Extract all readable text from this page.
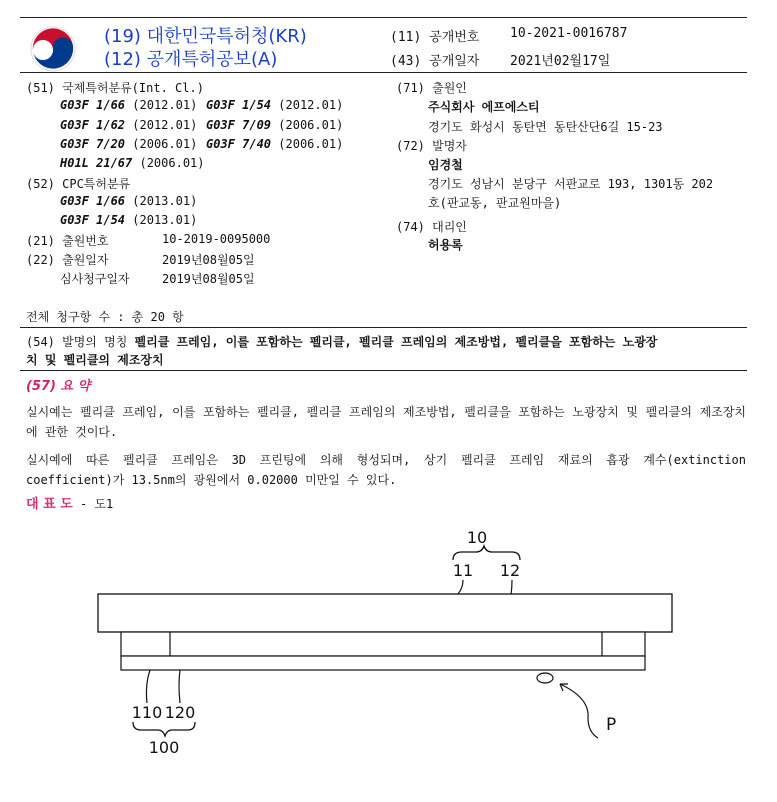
(19) 대한민국특허청(KR)
(12) 공개특허공보(A)
(11) 공개번호 10-2021-0016787
(43) 공개일자 2021년02월17일
(51) 국제특허분류(Int. Cl.)
G03F 1/66 (2012.01) G03F 1/54 (2012.01)
G03F 1/62 (2012.01) G03F 7/09 (2006.01)
G03F 7/20 (2006.01) G03F 7/40 (2006.01)
H01L 21/67 (2006.01)
(52) CPC특허분류
G03F 1/66 (2013.01)
G03F 1/54 (2013.01)
(21) 출원번호	10-2019-0095000
(22) 출원일자	2019년08월05일
심사청구일자	2019년08월05일
전체 청구항 수 : 총 20 항
(71) 출원인
주식회사 에프에스티
경기도 화성시 동탄면 동탄산단6길 15-23
(72) 발명자
임경철
경기도 성남시 분당구 서판교로 193, 1301동 202
호(판교동, 판교원마을)
(74) 대리인
허용록
(54) 발명의 명칭 펠리클 프레임, 이를 포함하는 펠리클, 펠리클 프레임의 제조방법, 펠리클을 포함하는 노광장
치 및 펠리클의 제조장치
(57) 요 약
실시예는 펠리클 프레임, 이를 포함하는 펠리클, 펠리클 프레임의 제조방법, 펠리클을 포함하는 노광장치 및 펠리클의 제조장치에 관한 것이다.
실시예에 따른 펠리클 프레임은 3D 프린팅에 의해 형성되며, 상기 펠리클 프레임 재료의 흡광 계수(extinction coefficient)가 13.5nm의 광원에서 0.02000 미만일 수 있다.
대 표 도 - 도1
10
11 12
P
110 120
100
